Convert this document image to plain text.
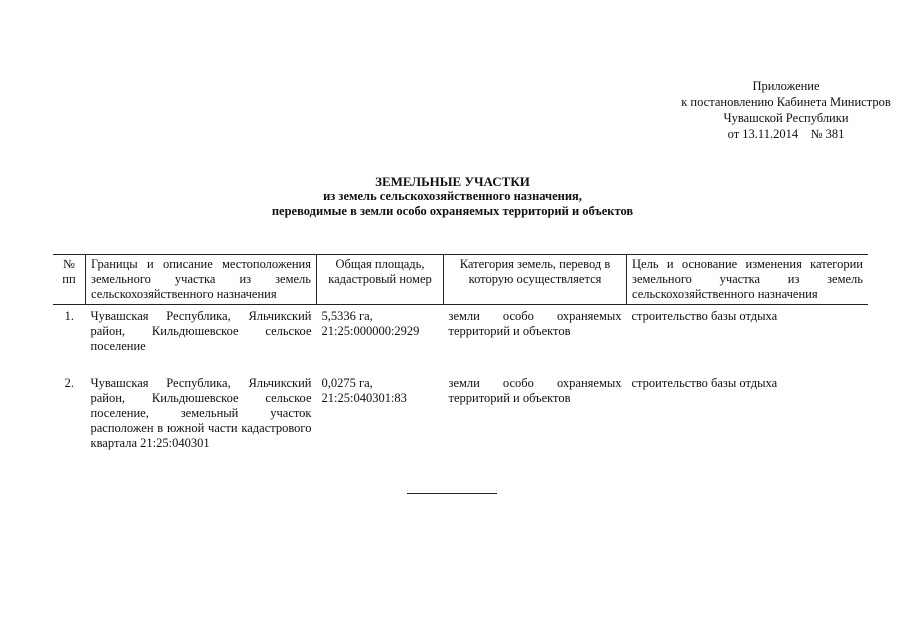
Приложение
к постановлению Кабинета Министров
Чувашской Республики
от 13.11.2014    № 381
ЗЕМЕЛЬНЫЕ УЧАСТКИ
из земель сельскохозяйственного назначения,
переводимые в земли особо охраняемых территорий и объектов
№ пп	Границы и описание местоположения земельного участка из земель сельскохозяйственного назначения	Общая площадь, кадастровый номер	Категория земель, перевод в которую осуществляется	Цель и основание изменения категории земельного участка из земель сельскохозяйственного назначения
1.	Чувашская Республика, Яльчикский район, Кильдюшевское сельское поселение	5,5336 га, 21:25:000000:2929	земли особо охраняемых территорий и объектов	строительство базы отдыха
2.	Чувашская Республика, Яльчикский район, Кильдюшевское сельское поселение, земельный участок расположен в южной части кадастрового квартала 21:25:040301	0,0275 га, 21:25:040301:83	земли особо охраняемых территорий и объектов	строительство базы отдыха
